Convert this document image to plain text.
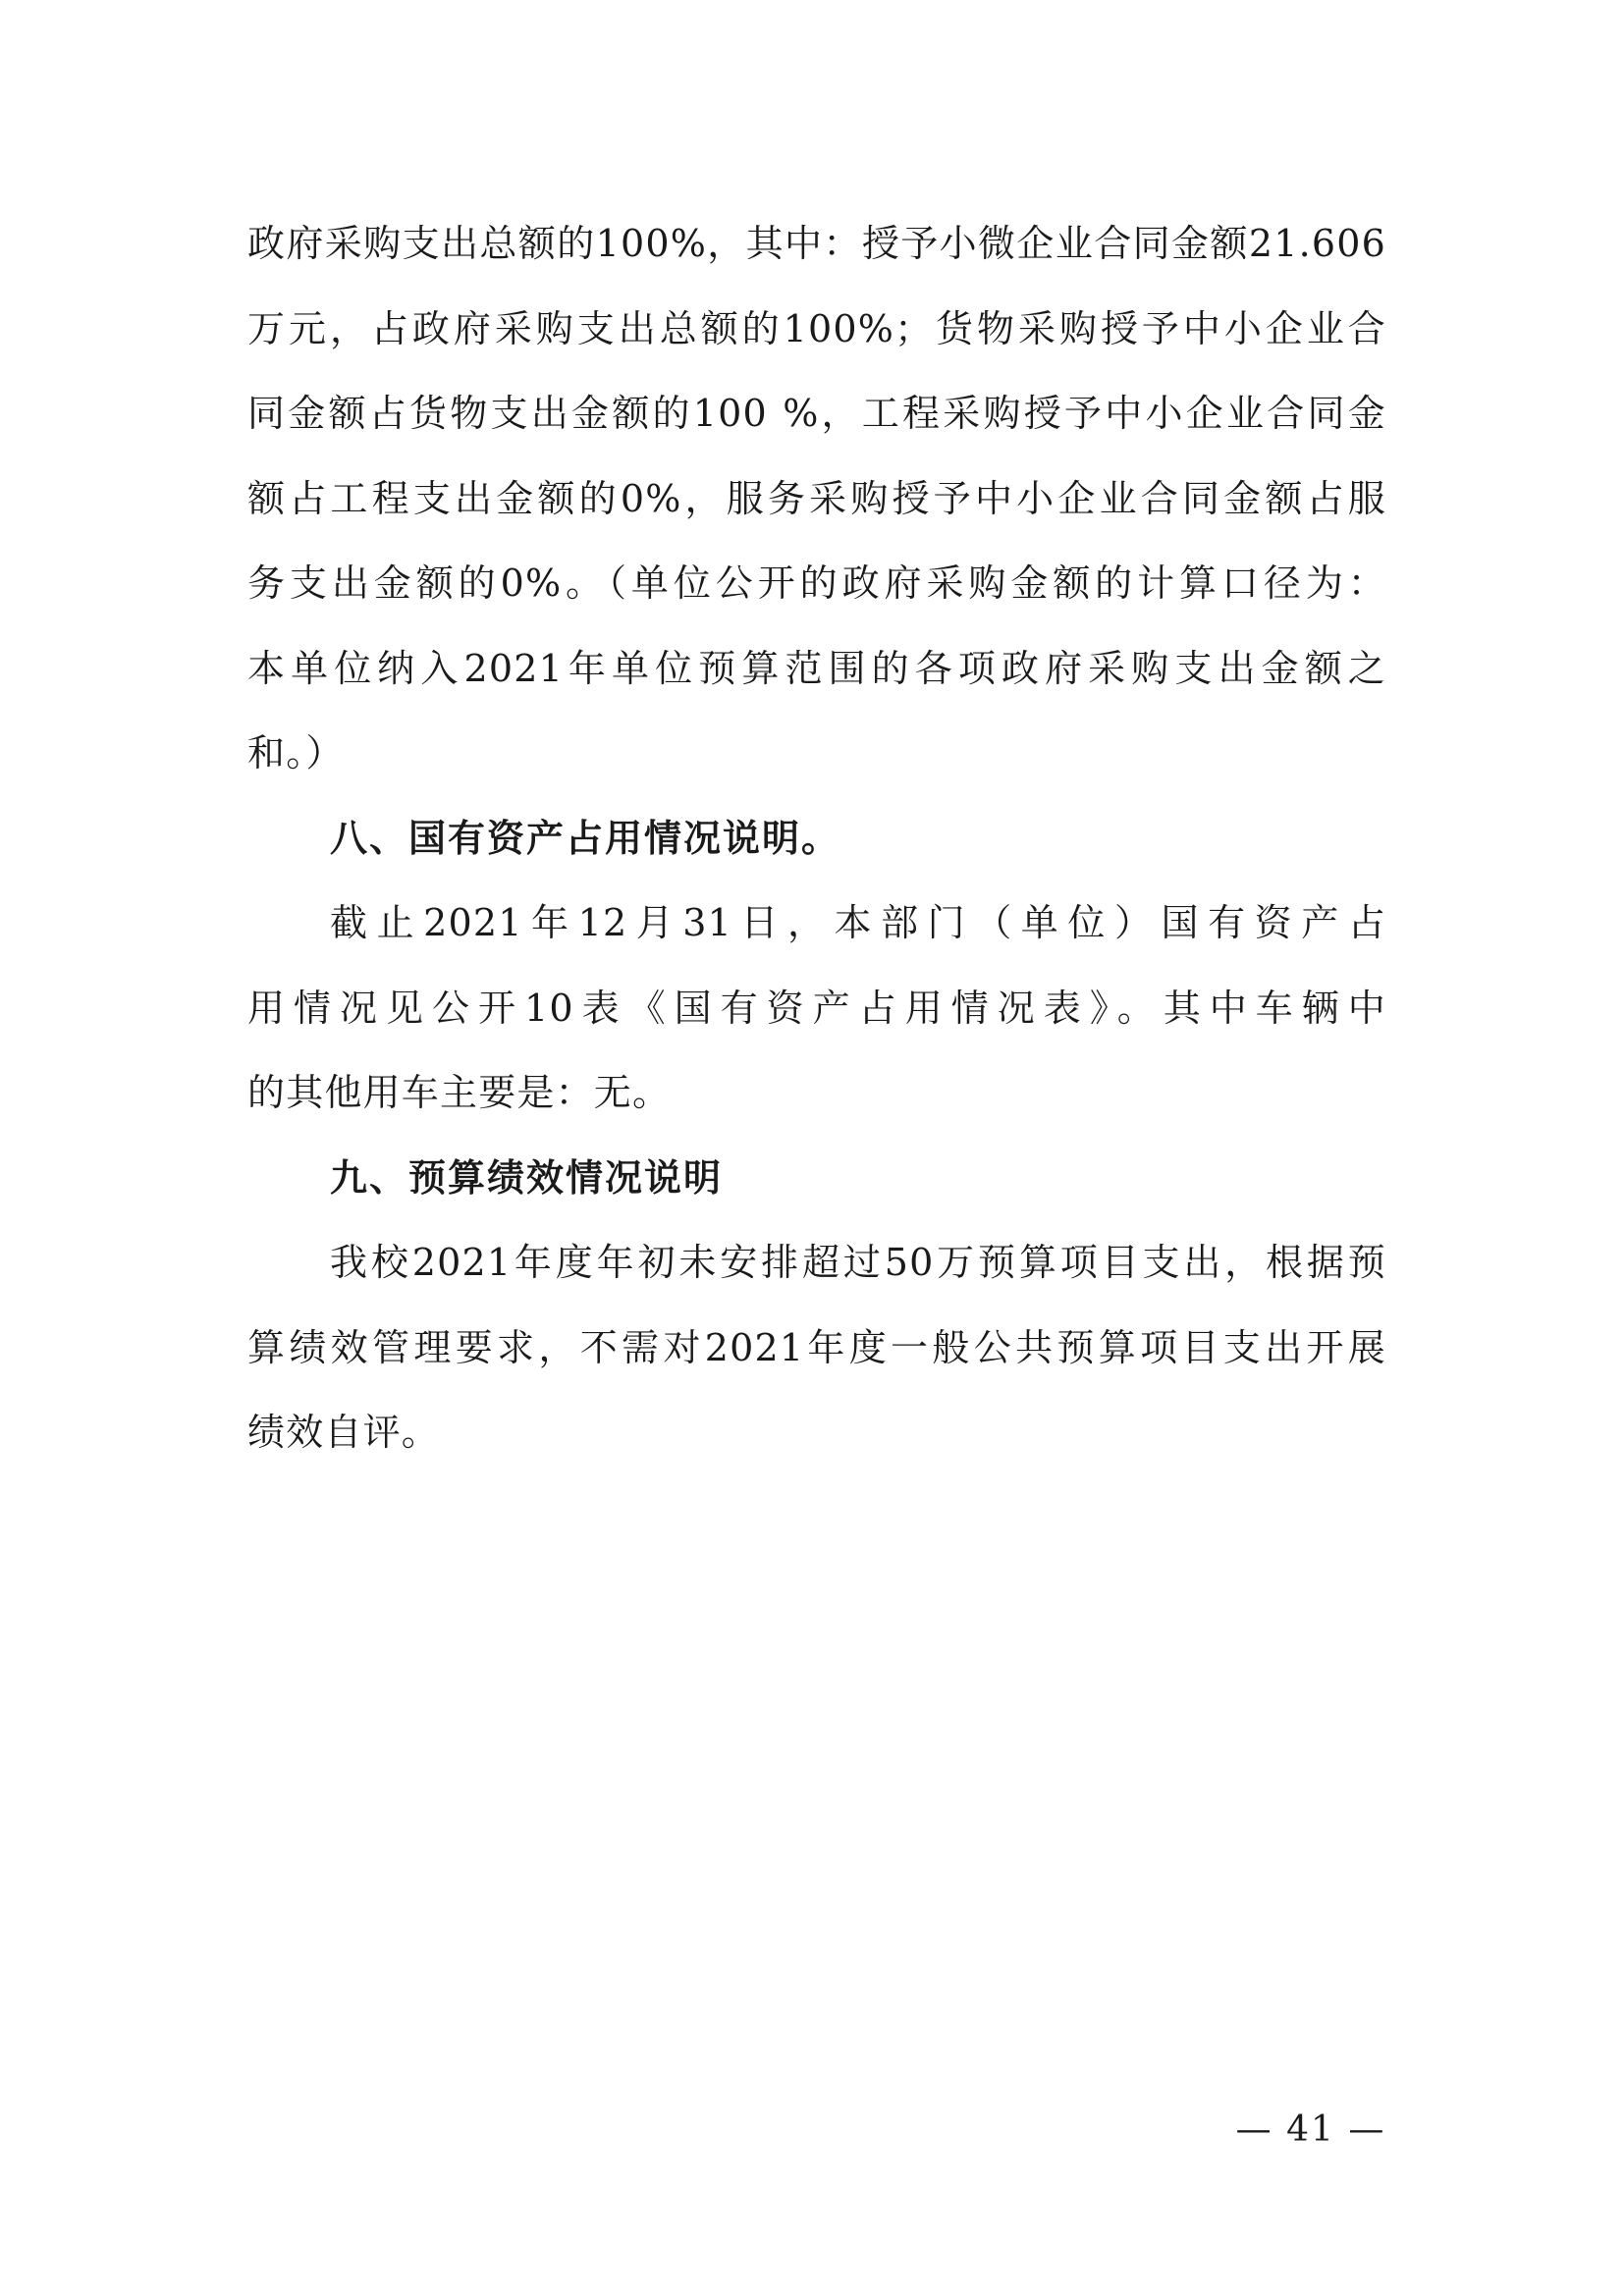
政府采购支出总额的100%，其中：授予小微企业合同金额21.606
万元，占政府采购支出总额的100%；货物采购授予中小企业合
同金额占货物支出金额的100 %，工程采购授予中小企业合同金
额占工程支出金额的0%，服务采购授予中小企业合同金额占服
务支出金额的0%。（单位公开的政府采购金额的计算口径为：
本单位纳入2021年单位预算范围的各项政府采购支出金额之
和。）
八、国有资产占用情况说明。
截止2021年12月31日，本部门（单位）国有资产占
用情况见公开10表《国有资产占用情况表》。其中车辆中
的其他用车主要是：无。
九、预算绩效情况说明
我校2021年度年初未安排超过50万预算项目支出，根据预
算绩效管理要求，不需对2021年度一般公共预算项目支出开展
绩效自评。
— 41 —
